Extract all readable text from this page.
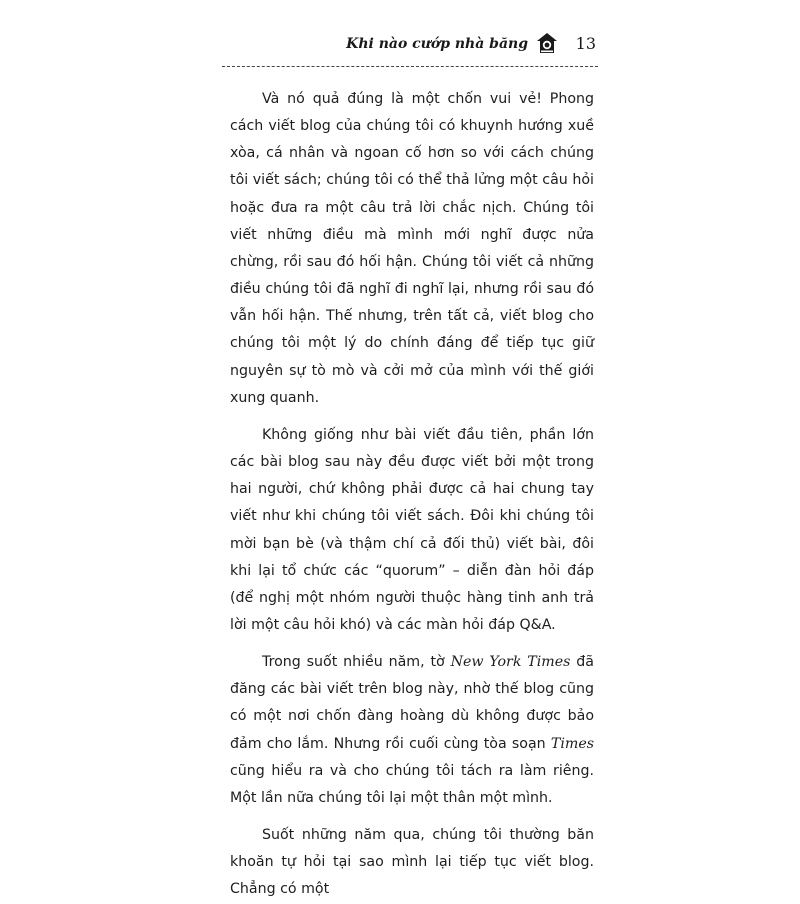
Khi nào cướp nhà băng	13

Và nó quả đúng là một chốn vui vẻ! Phong cách viết blog của chúng tôi có khuynh hướng xuề xòa, cá nhân và ngoan cố hơn so với cách chúng tôi viết sách; chúng tôi có thể thả lửng một câu hỏi hoặc đưa ra một câu trả lời chắc nịch. Chúng tôi viết những điều mà mình mới nghĩ được nửa chừng, rồi sau đó hối hận. Chúng tôi viết cả những điều chúng tôi đã nghĩ đi nghĩ lại, nhưng rồi sau đó vẫn hối hận. Thế nhưng, trên tất cả, viết blog cho chúng tôi một lý do chính đáng để tiếp tục giữ nguyên sự tò mò và cởi mở của mình với thế giới xung quanh.

Không giống như bài viết đầu tiên, phần lớn các bài blog sau này đều được viết bởi một trong hai người, chứ không phải được cả hai chung tay viết như khi chúng tôi viết sách. Đôi khi chúng tôi mời bạn bè (và thậm chí cả đối thủ) viết bài, đôi khi lại tổ chức các “quorum” – diễn đàn hỏi đáp (để nghị một nhóm người thuộc hàng tinh anh trả lời một câu hỏi khó) và các màn hỏi đáp Q&A.

Trong suốt nhiều năm, tờ New York Times đã đăng các bài viết trên blog này, nhờ thế blog cũng có một nơi chốn đàng hoàng dù không được bảo đảm cho lắm. Nhưng rồi cuối cùng tòa soạn Times cũng hiểu ra và cho chúng tôi tách ra làm riêng. Một lần nữa chúng tôi lại một thân một mình.

Suốt những năm qua, chúng tôi thường băn khoăn tự hỏi tại sao mình lại tiếp tục viết blog. Chẳng có một
